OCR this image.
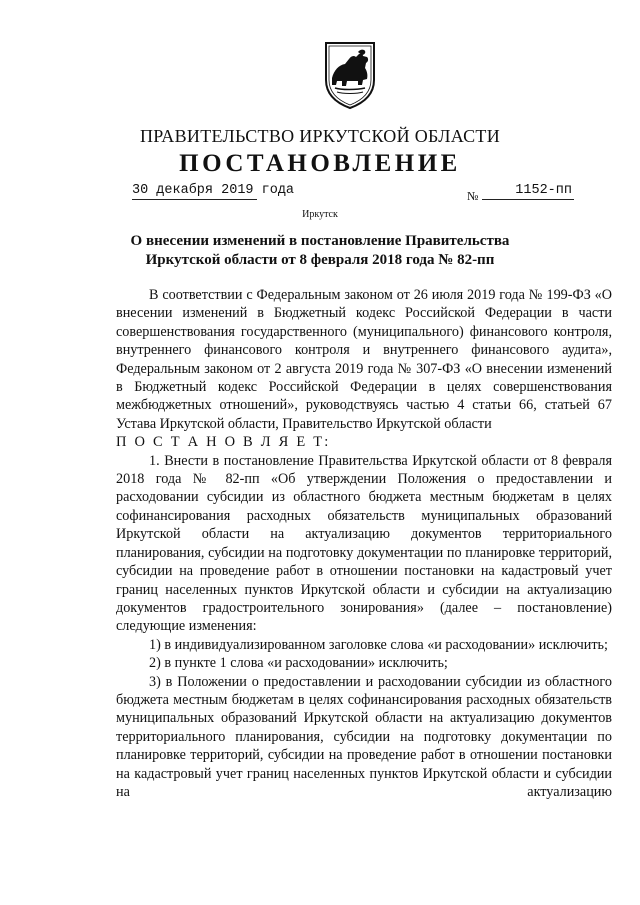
ПРАВИТЕЛЬСТВО ИРКУТСКОЙ ОБЛАСТИ
ПОСТАНОВЛЕНИЕ
30 декабря 2019 года	№	1152-пп
Иркутск
О внесении изменений в постановление Правительства Иркутской области от 8 февраля 2018 года № 82-пп

В соответствии с Федеральным законом от 26 июля 2019 года № 199-ФЗ «О внесении изменений в Бюджетный кодекс Российской Федерации в части совершенствования государственного (муниципального) финансового контроля, внутреннего финансового контроля и внутреннего финансового аудита», Федеральным законом от 2 августа 2019 года № 307-ФЗ «О внесении изменений в Бюджетный кодекс Российской Федерации в целях совершенствования межбюджетных отношений», руководствуясь частью 4 статьи 66, статьей 67 Устава Иркутской области, Правительство Иркутской области

П О С Т А Н О В Л Я Е Т:

1. Внести в постановление Правительства Иркутской области от 8 февраля 2018 года № 82-пп «Об утверждении Положения о предоставлении и расходовании субсидии из областного бюджета местным бюджетам в целях софинансирования расходных обязательств муниципальных образований Иркутской области на актуализацию документов территориального планирования, субсидии на подготовку документации по планировке территорий, субсидии на проведение работ в отношении постановки на кадастровый учет границ населенных пунктов Иркутской области и субсидии на актуализацию документов градостроительного зонирования» (далее – постановление) следующие изменения:

1) в индивидуализированном заголовке слова «и расходовании» исключить;

2) в пункте 1 слова «и расходовании» исключить;

3) в Положении о предоставлении и расходовании субсидии из областного бюджета местным бюджетам в целях софинансирования расходных обязательств муниципальных образований Иркутской области на актуализацию документов территориального планирования, субсидии на подготовку документации по планировке территорий, субсидии на проведение работ в отношении постановки на кадастровый учет границ населенных пунктов Иркутской области и субсидии на актуализацию
